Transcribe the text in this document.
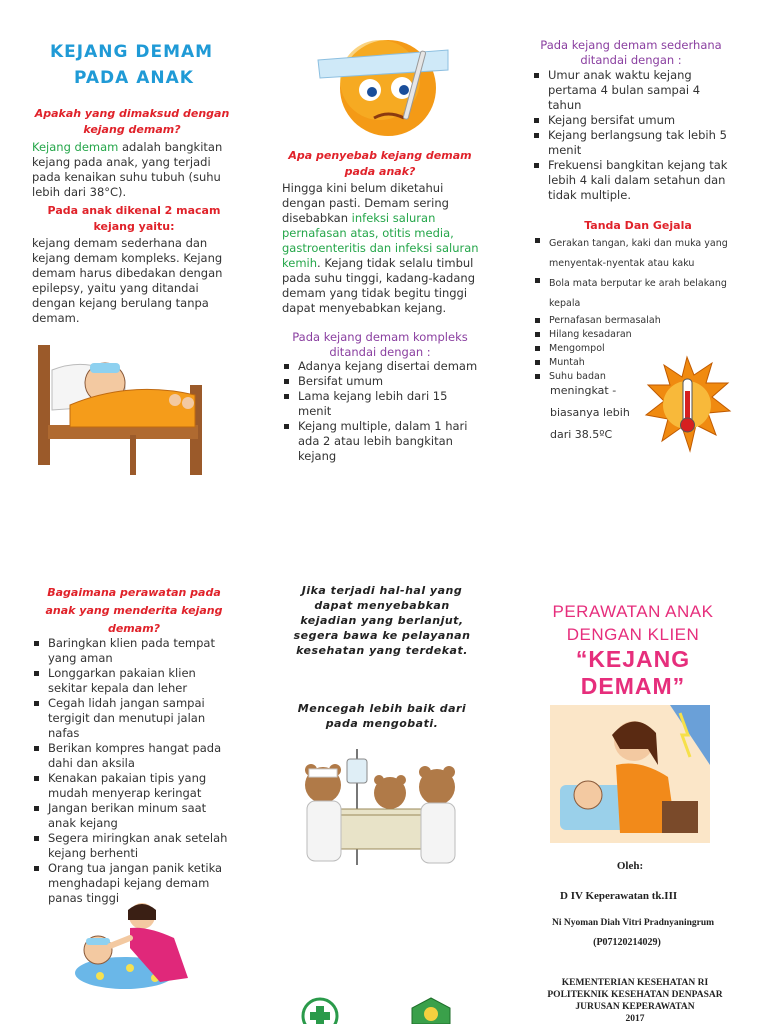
KEJANG DEMAM
PADA ANAK
Apakah yang dimaksud dengan kejang demam?
Kejang demam adalah bangkitan kejang pada anak, yang terjadi pada kenaikan suhu tubuh (suhu lebih dari 38°C).
Pada anak dikenal 2 macam kejang yaitu:
kejang demam sederhana dan kejang demam kompleks. Kejang demam harus dibedakan dengan epilepsy, yaitu yang ditandai dengan kejang berulang tanpa demam.
Apa penyebab kejang demam pada anak?
Hingga kini belum diketahui dengan pasti. Demam sering disebabkan infeksi saluran pernafasan atas, otitis media, gastroenteritis dan infeksi saluran kemih. Kejang tidak selalu timbul pada suhu tinggi, kadang-kadang demam yang tidak begitu tinggi dapat menyebabkan kejang.
Pada kejang demam kompleks ditandai dengan :
Adanya kejang disertai demam
Bersifat umum
Lama kejang lebih dari 15 menit
Kejang multiple, dalam 1 hari ada 2 atau lebih bangkitan kejang
Pada kejang demam sederhana ditandai dengan :
Umur anak waktu kejang pertama 4 bulan sampai 4 tahun
Kejang bersifat umum
Kejang berlangsung tak lebih 5 menit
Frekuensi bangkitan kejang tak lebih 4 kali dalam setahun dan tidak multiple.
Tanda Dan Gejala
Gerakan tangan, kaki dan muka yang menyentak-nyentak atau kaku
Bola mata berputar ke arah belakang kepala
Pernafasan bermasalah
Hilang kesadaran
Mengompol
Muntah
Suhu badan
meningkat -
biasanya lebih
dari 38.5ºC
Bagaimana perawatan pada anak yang menderita kejang demam?
Baringkan klien pada tempat yang aman
Longgarkan pakaian klien sekitar kepala dan leher
Cegah lidah jangan sampai tergigit dan menutupi jalan nafas
Berikan kompres hangat pada dahi dan aksila
Kenakan pakaian tipis yang mudah menyerap keringat
Jangan berikan minum saat anak kejang
Segera miringkan anak setelah kejang berhenti
Orang tua jangan panik ketika menghadapi kejang demam panas tinggi
Jika terjadi hal-hal yang dapat menyebabkan kejadian yang berlanjut, segera bawa ke pelayanan kesehatan yang terdekat.
Mencegah lebih baik dari pada mengobati.
PERAWATAN ANAK
DENGAN KLIEN
“KEJANG
DEMAM”
Oleh:
D IV Keperawatan tk.III
Ni Nyoman Diah Vitri Pradnyaningrum
(P07120214029)
KEMENTERIAN KESEHATAN RI
POLITEKNIK KESEHATAN DENPASAR
JURUSAN KEPERAWATAN
2017
